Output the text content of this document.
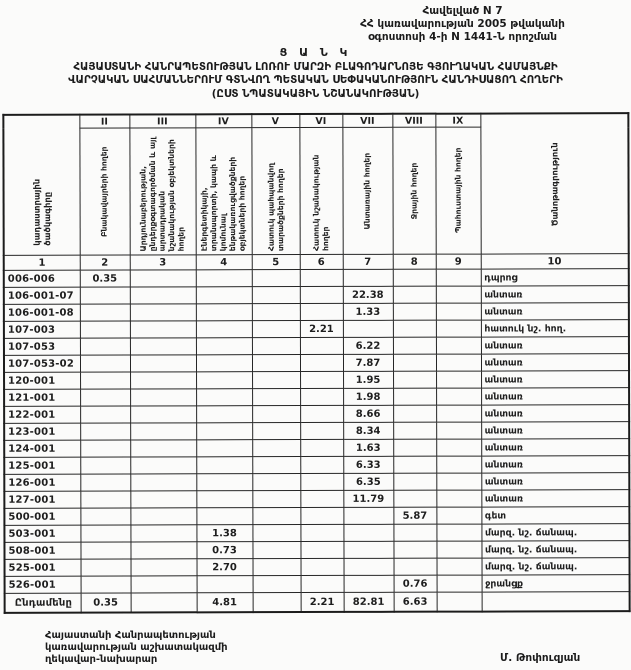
Հավելված N 7
ՀՀ կառավարության 2005 թվականի
օգոստոսի 4-ի N 1441-Ն որոշման
Ց Ա Ն Կ
ՀԱՅԱՍՏԱՆԻ ՀԱՆՐԱՊԵՏՈՒԹՅԱՆ ԼՈՌՈՒ ՄԱՐԶԻ ԲԼԱԳՈԴԱՐՆՈՅԵ ԳՅՈՒՂԱԿԱՆ ՀԱՄԱՅՆՔԻ
ՎԱՐՉԱԿԱՆ ՍԱՀՄԱՆՆԵՐՈՒՄ ԳՏՆՎՈՂ ՊԵՏԱԿԱՆ ՍԵՓԱԿԱՆՈՒԹՅՈՒՆ ՀԱՆԴԻՍԱՑՈՂ ՀՈՂԵՐԻ
(ԸՍՏ ՆՊԱՏԱԿԱՅԻՆ ՆՇԱՆԱԿՈՒԹՅԱՆ)
կադաստրային ծածկագիրը	II	III	IV	V	VI	VII	VIII	IX	Ծանոթագրություն

	Բնակավայրերի հողեր	Արդյունաբերության, ընդերքօգտագործման և այլ արտադրական նշանակության օբյեկտների հողեր	Էներգետիկայի, տրանսպորտի, կապի և կոմունալ ենթակառուցվածքների օբյեկտների հողեր	Հատուկ պահպանվող տարածքների հողեր	Հատուկ նշանակության հողեր	Անտառային հողեր	Ջրային հողեր	Պահուստային հողեր	

1	2	3	4	5	6	7	8	9	10
006-006	0.35								դպրոց
106-001-07						22.38			անտառ
106-001-08						1.33			անտառ
107-003					2.21				հատուկ նշ. հող.
107-053						6.22			անտառ
107-053-02						7.87			անտառ
120-001						1.95			անտառ
121-001						1.98			անտառ
122-001						8.66			անտառ
123-001						8.34			անտառ
124-001						1.63			անտառ
125-001						6.33			անտառ
126-001						6.35			անտառ
127-001						11.79			անտառ
500-001							5.87		գետ
503-001			1.38						մարզ. նշ. ճանապ.
508-001			0.73						մարզ. նշ. ճանապ.
525-001			2.70						մարզ. նշ. ճանապ.
526-001							0.76		ջրանցք
Ընդամենը	0.35		4.81		2.21	82.81	6.63		
Հայաստանի Հանրապետության
կառավարության աշխատակազմի
ղեկավար-նախարար	Մ. Թոփուզյան
